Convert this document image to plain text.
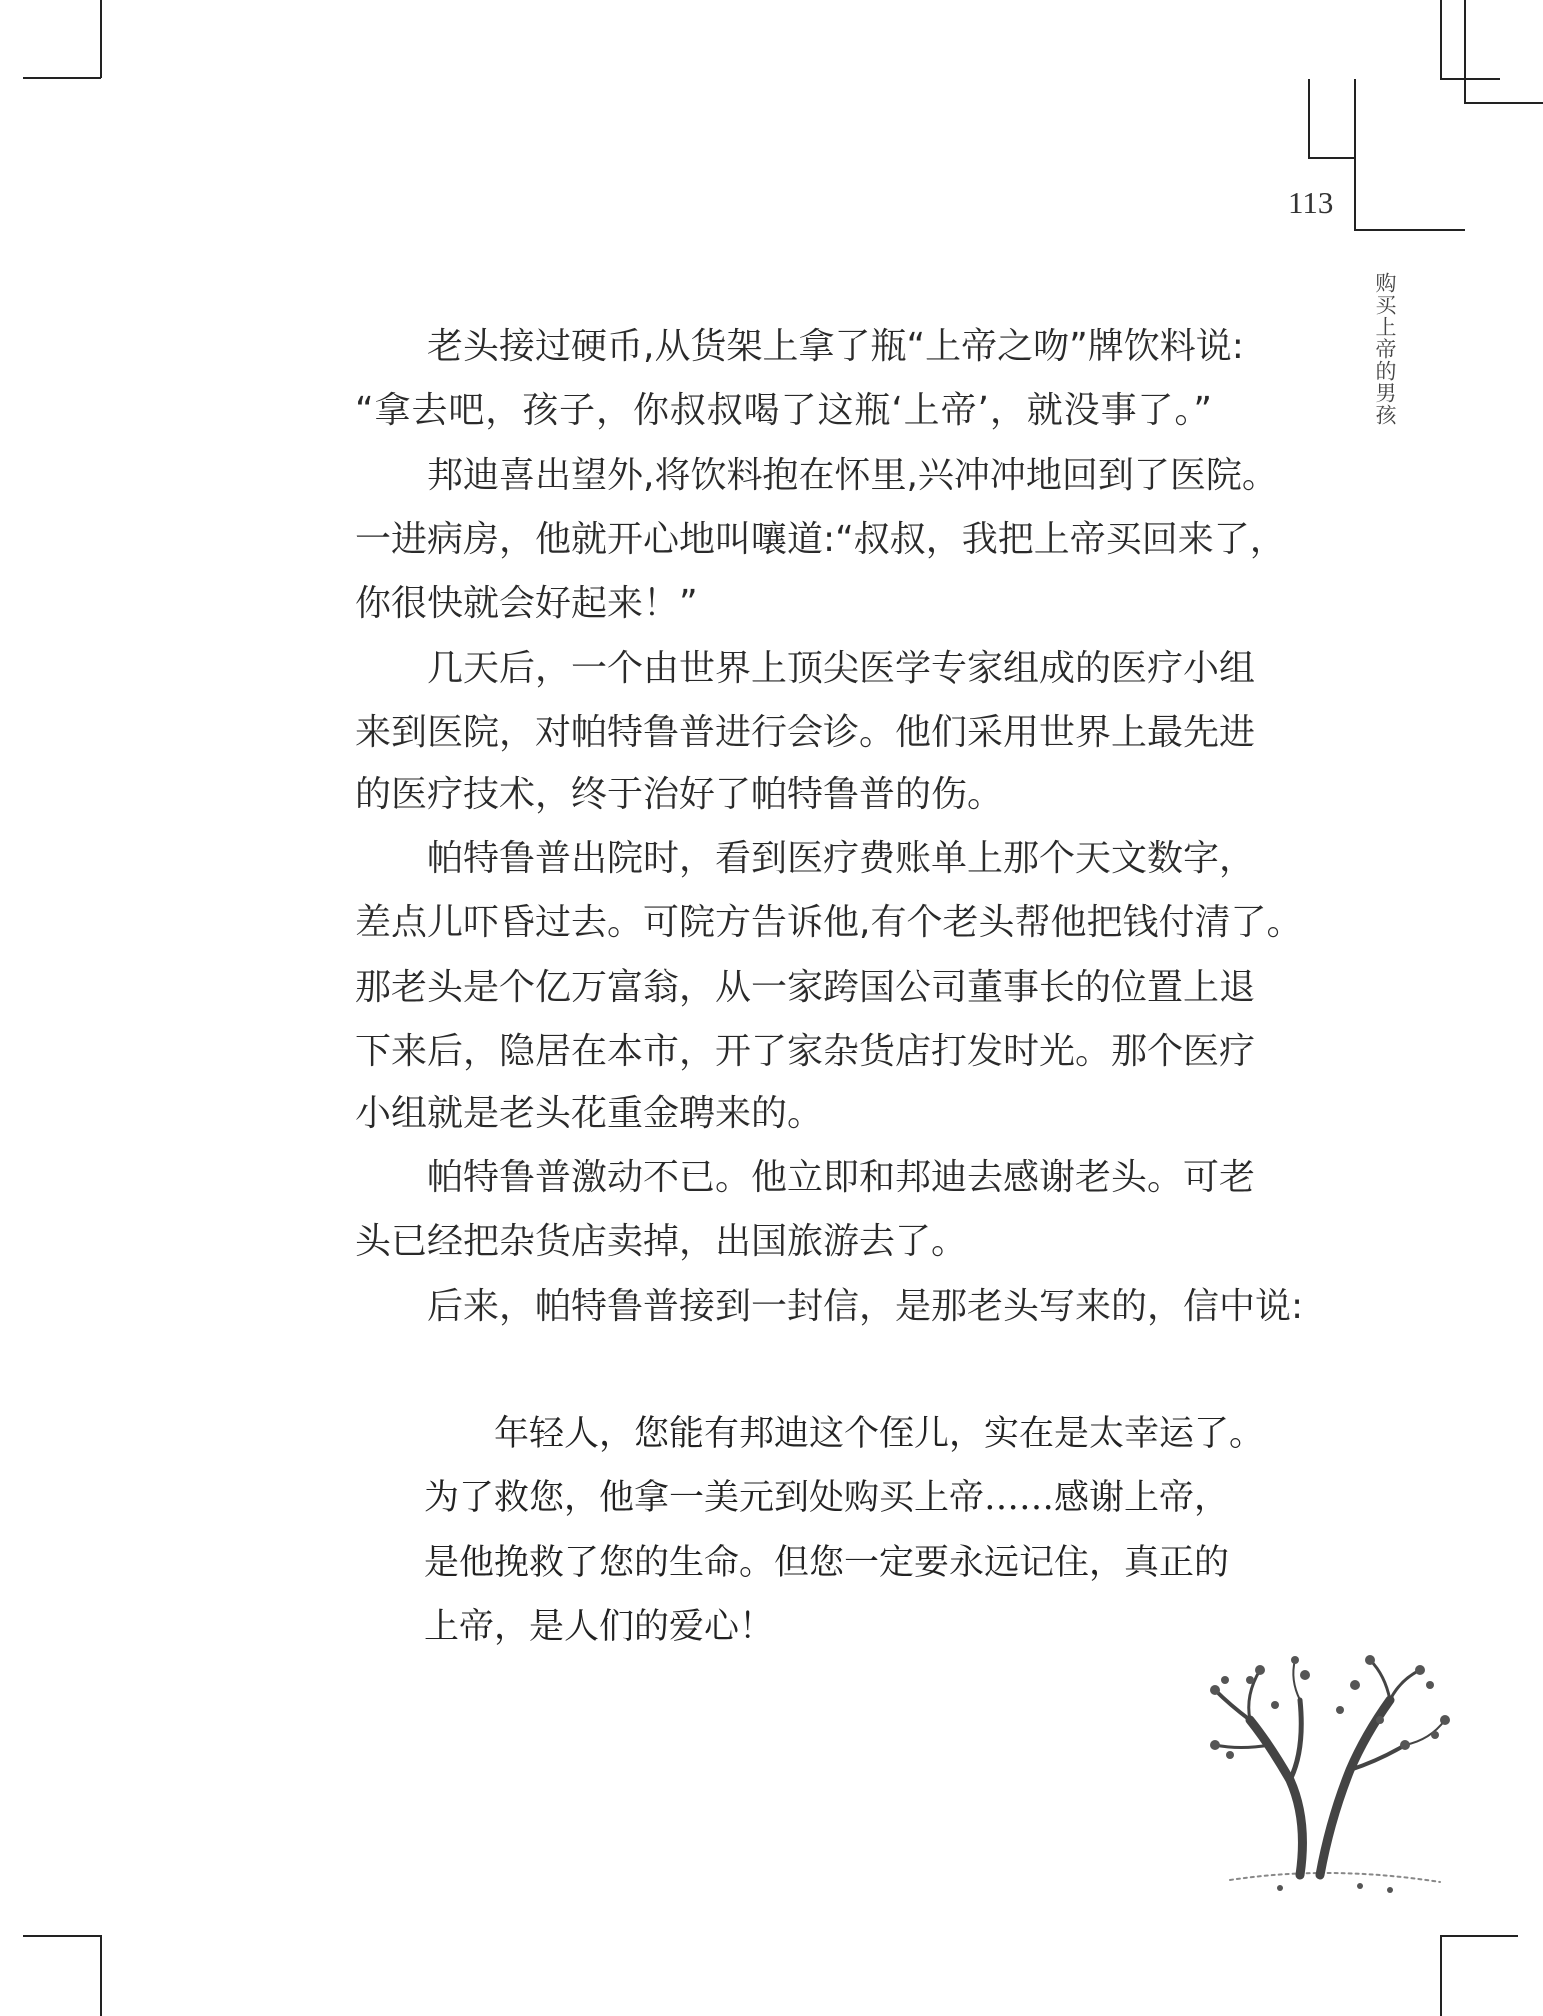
113
购买上帝的男孩
老头接过硬币,从货架上拿了瓶“上帝之吻”牌饮料说:
“拿去吧，孩子，你叔叔喝了这瓶‘上帝’，就没事了。”
邦迪喜出望外,将饮料抱在怀里,兴冲冲地回到了医院。
一进病房，他就开心地叫嚷道:“叔叔，我把上帝买回来了，
你很快就会好起来！”
几天后，一个由世界上顶尖医学专家组成的医疗小组
来到医院，对帕特鲁普进行会诊。他们采用世界上最先进
的医疗技术，终于治好了帕特鲁普的伤。
帕特鲁普出院时，看到医疗费账单上那个天文数字，
差点儿吓昏过去。可院方告诉他,有个老头帮他把钱付清了。
那老头是个亿万富翁，从一家跨国公司董事长的位置上退
下来后，隐居在本市，开了家杂货店打发时光。那个医疗
小组就是老头花重金聘来的。
帕特鲁普激动不已。他立即和邦迪去感谢老头。可老
头已经把杂货店卖掉，出国旅游去了。
后来，帕特鲁普接到一封信，是那老头写来的，信中说:
年轻人，您能有邦迪这个侄儿，实在是太幸运了。
为了救您，他拿一美元到处购买上帝……感谢上帝，
是他挽救了您的生命。但您一定要永远记住，真正的
上帝，是人们的爱心！
